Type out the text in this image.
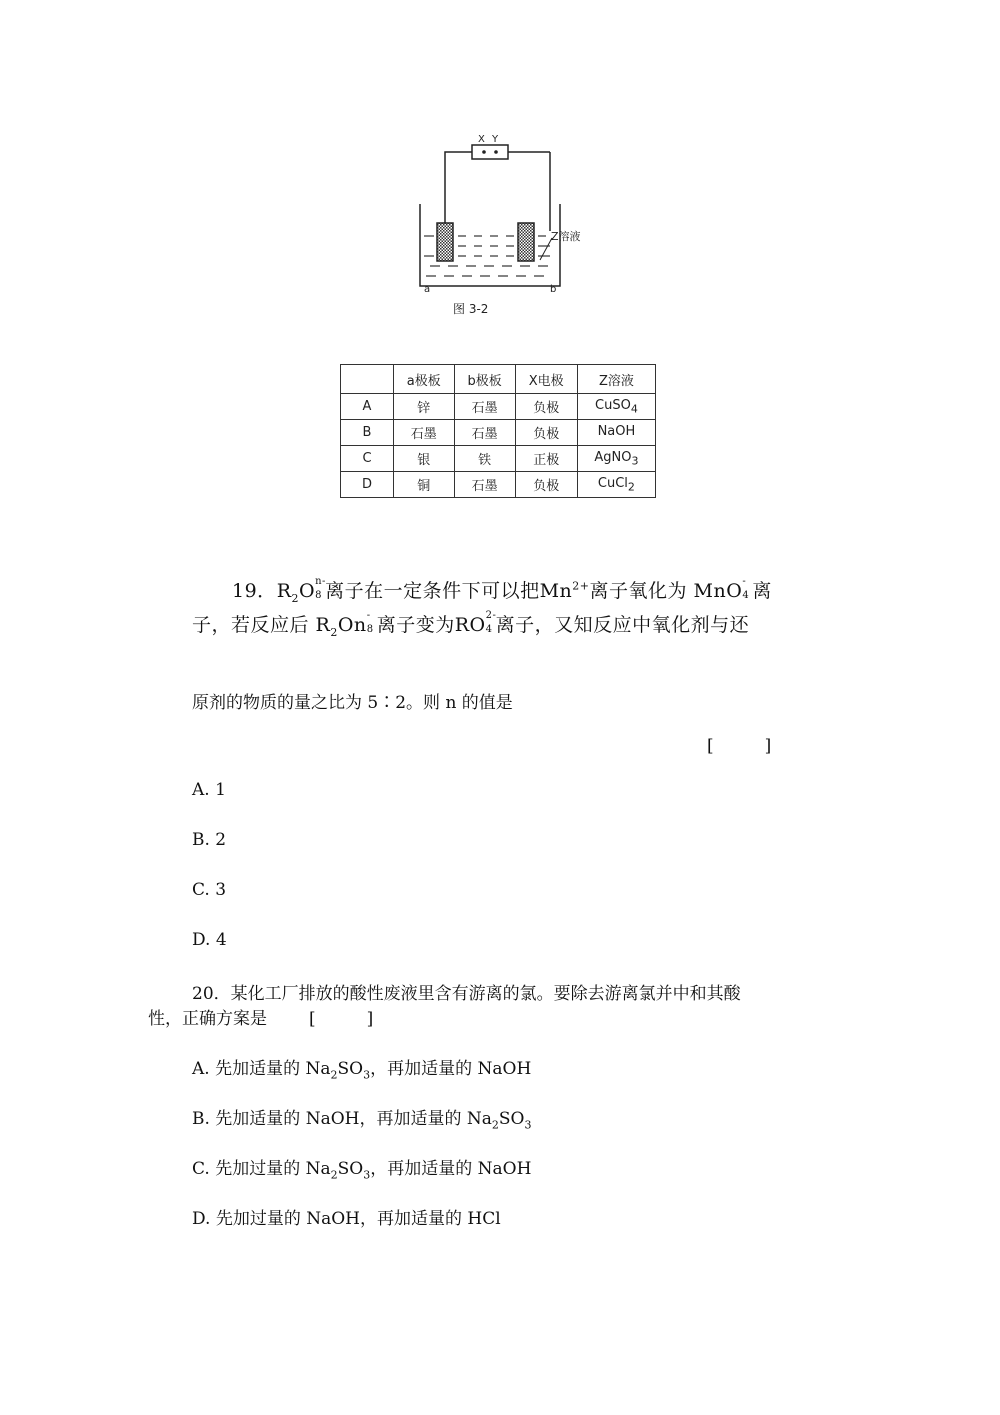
X Y
Z溶液
a	b
图 3-2
	a极板	b极板	X电极	Z溶液
A	锌	石墨	负极	CuSO$_4$
B	石墨	石墨	负极	NaOH
C	银	铁	正极	AgNO$_3$
D	铜	石墨	负极	CuCl$_2$
19．$R_2O$ n-
8 离子在一定条件下可以把$Mn^{2+}$离子氧化为 MnO -
4 离
子，若反应后 $R_2On$ -
8 离子变为RO 2-
4 离子，又知反应中氧化剂与还
原剂的物质的量之比为 5∶2。则 n 的值是
[　　　]
A. 1
B. 2
C. 3
D. 4
20．某化工厂排放的酸性废液里含有游离的氯。要除去游离氯并中和其酸
性，正确方案是 [　　　]
A. 先加适量的 $Na_2SO_3$，再加适量的 NaOH
B. 先加适量的 NaOH，再加适量的 $Na_2SO_3$
C. 先加过量的 $Na_2SO_3$，再加适量的 NaOH
D. 先加过量的 NaOH，再加适量的 HCl
